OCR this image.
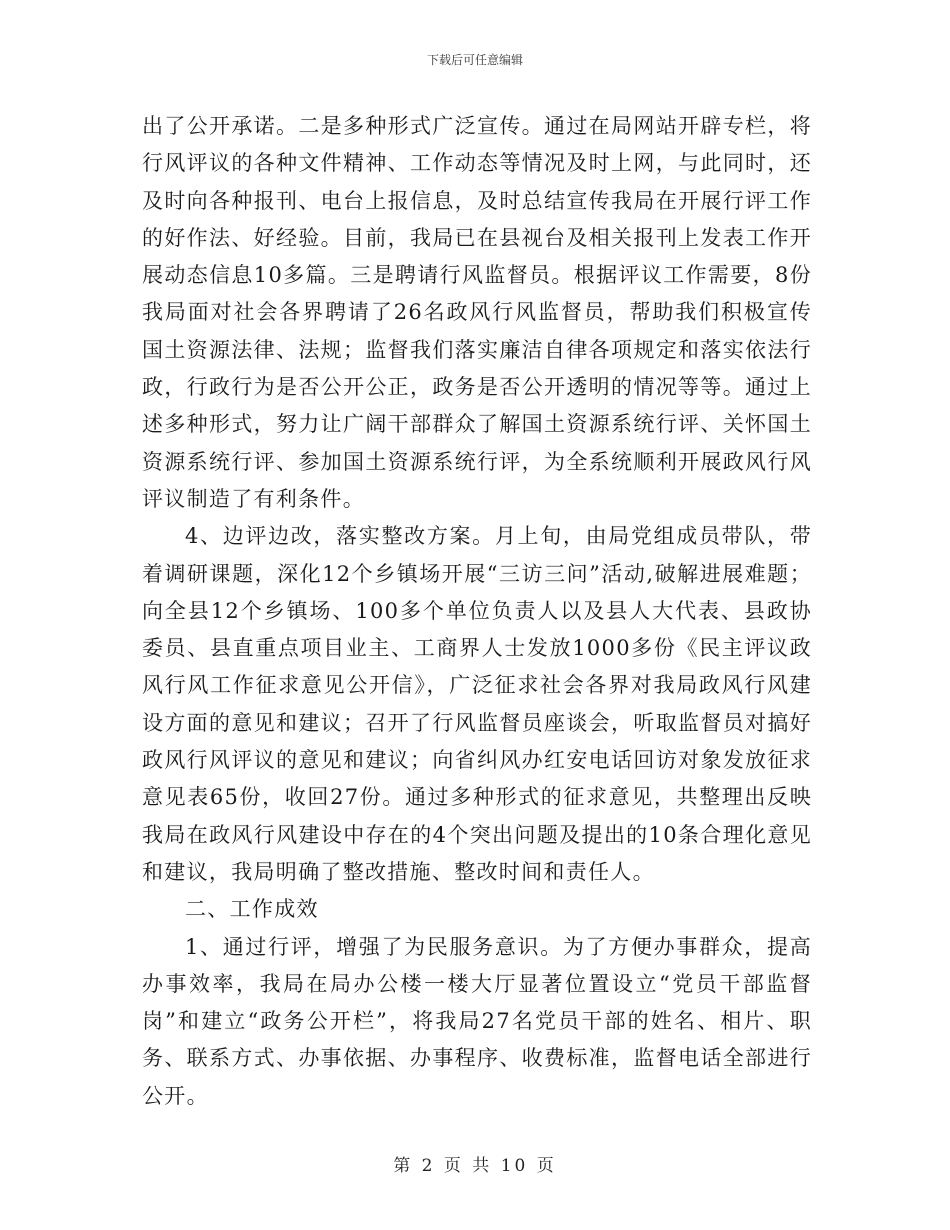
下载后可任意编辑

出了公开承诺。二是多种形式广泛宣传。通过在局网站开辟专栏，将行风评议的各种文件精神、工作动态等情况及时上网，与此同时，还及时向各种报刊、电台上报信息，及时总结宣传我局在开展行评工作的好作法、好经验。目前，我局已在县视台及相关报刊上发表工作开展动态信息10多篇。三是聘请行风监督员。根据评议工作需要，8份我局面对社会各界聘请了26名政风行风监督员，帮助我们积极宣传国土资源法律、法规；监督我们落实廉洁自律各项规定和落实依法行政，行政行为是否公开公正，政务是否公开透明的情况等等。通过上述多种形式，努力让广阔干部群众了解国土资源系统行评、关怀国土资源系统行评、参加国土资源系统行评，为全系统顺利开展政风行风评议制造了有利条件。

4、边评边改，落实整改方案。月上旬，由局党组成员带队，带着调研课题，深化12个乡镇场开展“三访三问”活动,破解进展难题；向全县12个乡镇场、100多个单位负责人以及县人大代表、县政协委员、县直重点项目业主、工商界人士发放1000多份《民主评议政风行风工作征求意见公开信》，广泛征求社会各界对我局政风行风建设方面的意见和建议；召开了行风监督员座谈会，听取监督员对搞好政风行风评议的意见和建议；向省纠风办红安电话回访对象发放征求意见表65份，收回27份。通过多种形式的征求意见，共整理出反映我局在政风行风建设中存在的4个突出问题及提出的10条合理化意见和建议，我局明确了整改措施、整改时间和责任人。

二、工作成效

1、通过行评，增强了为民服务意识。为了方便办事群众，提高办事效率，我局在局办公楼一楼大厅显著位置设立“党员干部监督岗”和建立“政务公开栏”，将我局27名党员干部的姓名、相片、职务、联系方式、办事依据、办事程序、收费标准，监督电话全部进行公开。

第 2 页 共 10 页
